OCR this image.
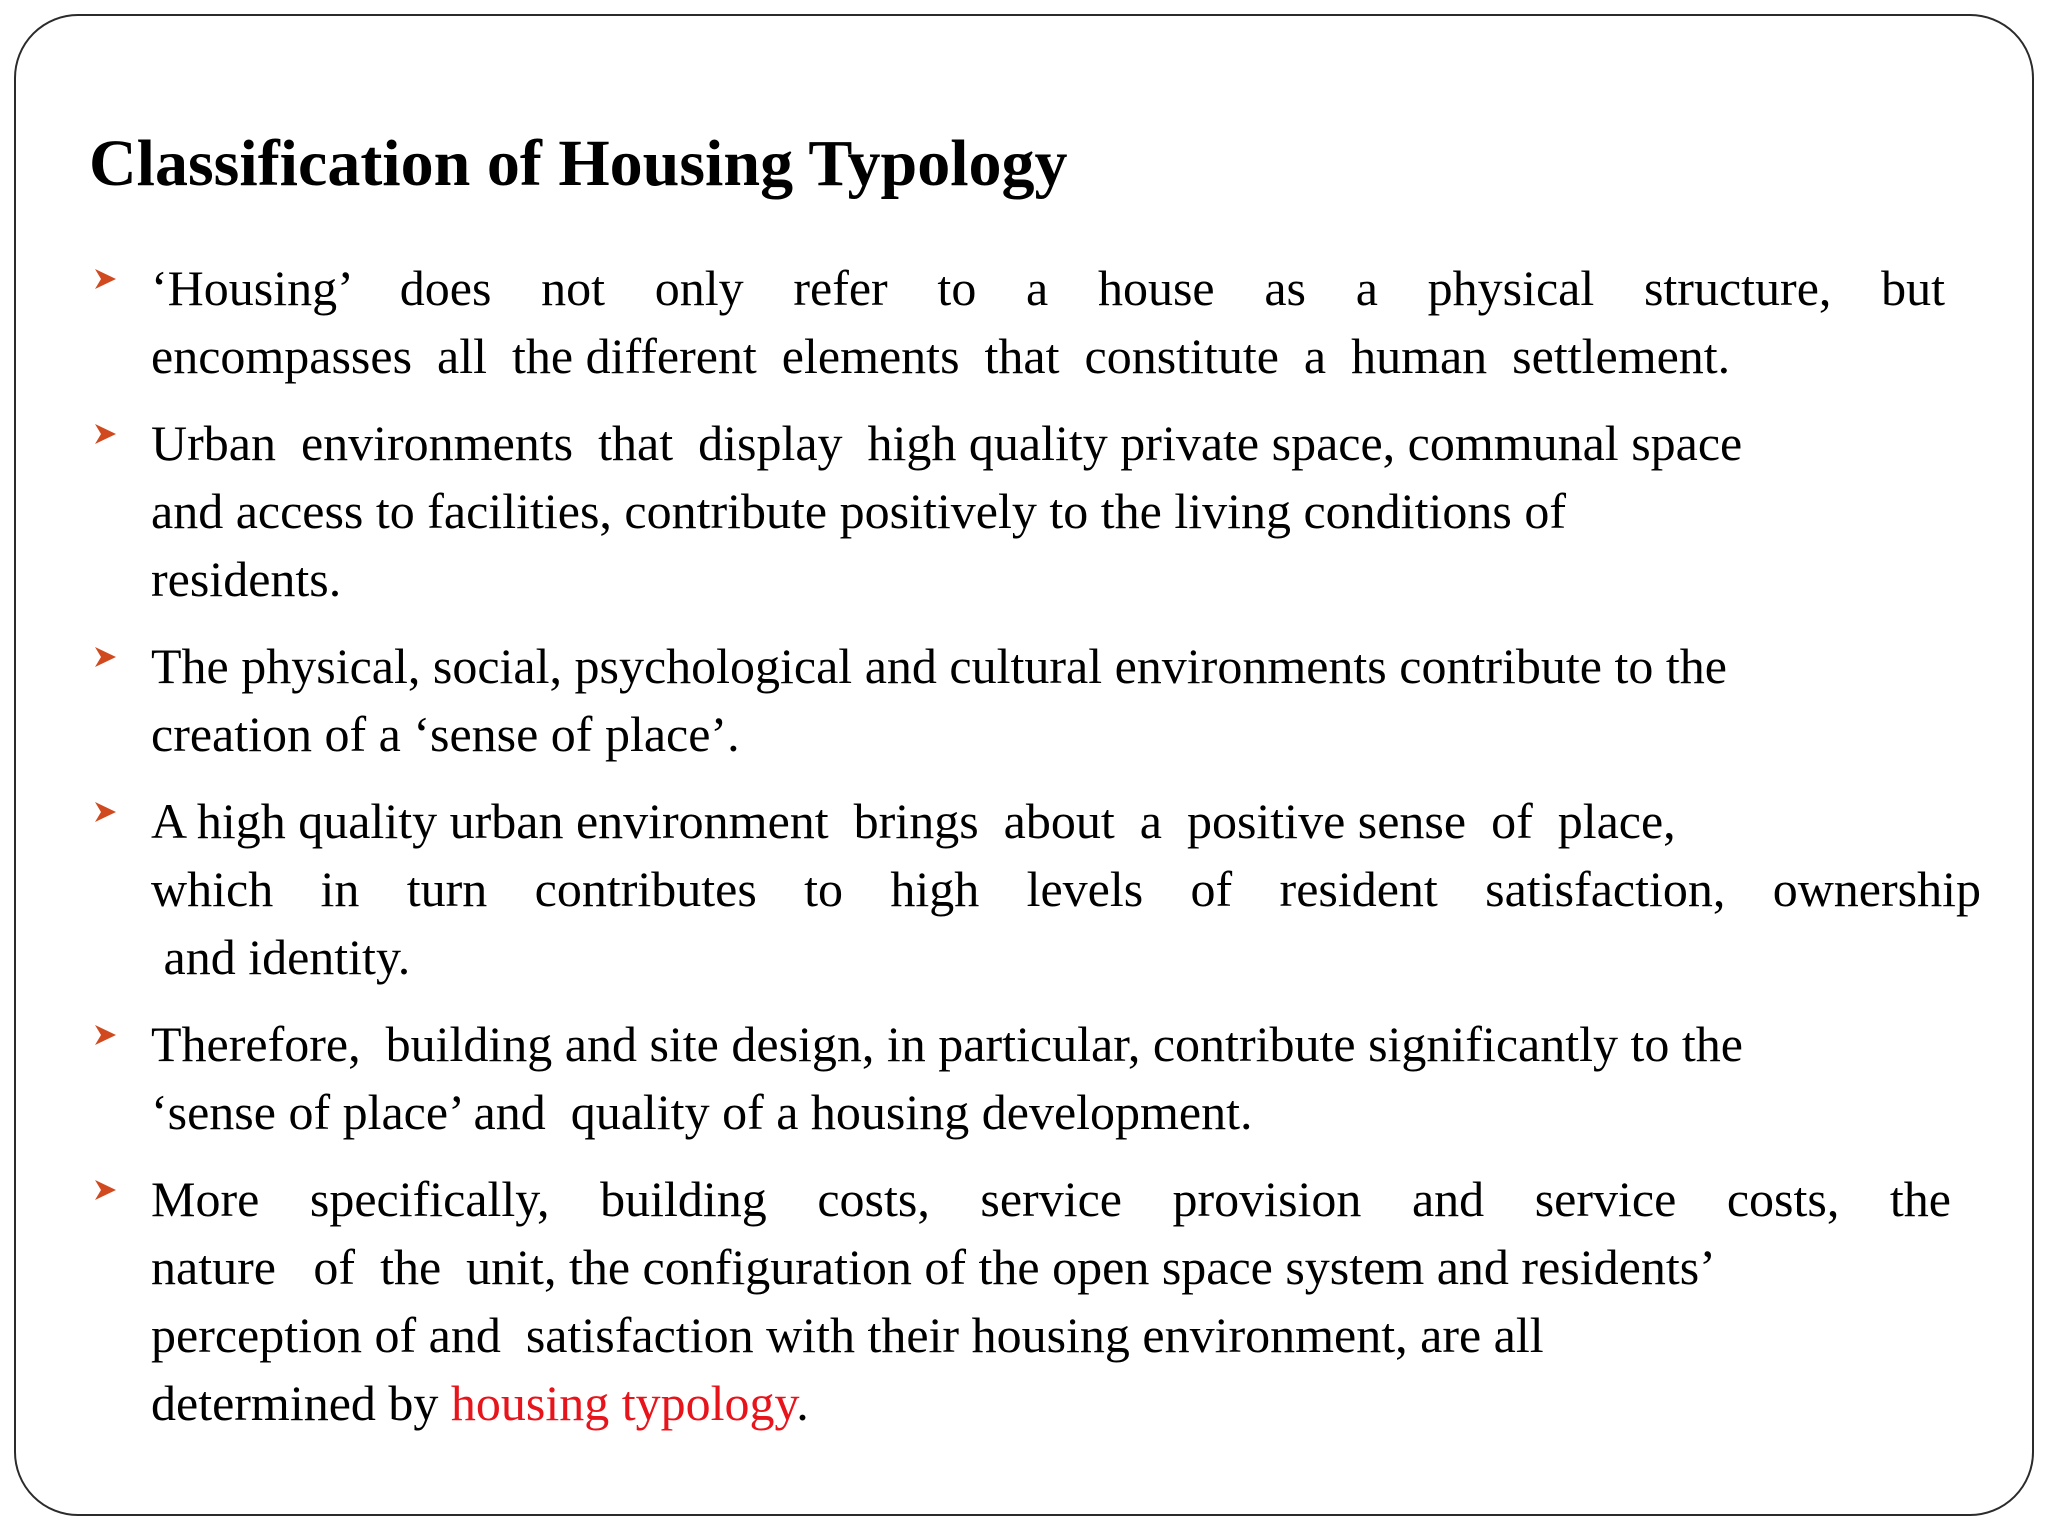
Classification of Housing Typology
‘Housing’ does not only refer to a house as a physical structure, but
encompasses  all  the different  elements  that  constitute  a  human  settlement.
Urban  environments  that  display  high quality private space, communal space
and access to facilities, contribute positively to the living conditions of
residents.
The physical, social, psychological and cultural environments contribute to the
creation of a ‘sense of place’.
A high quality urban environment  brings  about  a  positive sense  of  place,
which in turn contributes to high levels of resident satisfaction, ownership
and identity.
Therefore,  building and site design, in particular, contribute significantly to the
‘sense of place’ and  quality of a housing development.
More specifically, building costs, service provision and service costs, the
nature   of  the  unit, the configuration of the open space system and residents’
perception of and  satisfaction with their housing environment, are all
determined by housing typology.
